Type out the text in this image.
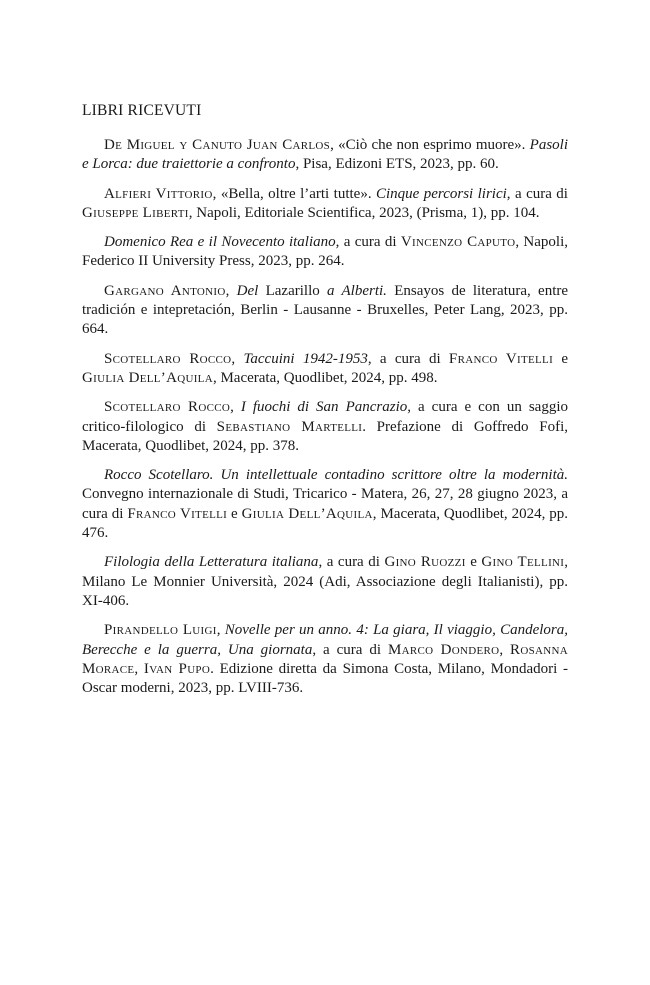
LIBRI RICEVUTI

De Miguel y Canuto Juan Carlos, «Ciò che non esprimo muore». Pasoli e Lorca: due traiettorie a confronto, Pisa, Edizoni ETS, 2023, pp. 60.

Alfieri Vittorio, «Bella, oltre l’arti tutte». Cinque percorsi lirici, a cura di Giuseppe Liberti, Napoli, Editoriale Scientifica, 2023, (Prisma, 1), pp. 104.

Domenico Rea e il Novecento italiano, a cura di Vincenzo Caputo, Napoli, Federico II University Press, 2023, pp. 264.

Gargano Antonio, Del Lazarillo a Alberti. Ensayos de literatura, entre tradición e intepretación, Berlin - Lausanne - Bruxelles, Peter Lang, 2023, pp. 664.

Scotellaro Rocco, Taccuini 1942-1953, a cura di Franco Vitelli e Giulia Dell’Aquila, Macerata, Quodlibet, 2024, pp. 498.

Scotellaro Rocco, I fuochi di San Pancrazio, a cura e con un saggio critico-filologico di Sebastiano Martelli. Prefazione di Goffredo Fofi, Macerata, Quodlibet, 2024, pp. 378.

Rocco Scotellaro. Un intellettuale contadino scrittore oltre la modernità. Convegno internazionale di Studi, Tricarico - Matera, 26, 27, 28 giugno 2023, a cura di Franco Vitelli e Giulia Dell’Aquila, Macerata, Quodlibet, 2024, pp. 476.

Filologia della Letteratura italiana, a cura di Gino Ruozzi e Gino Tellini, Milano Le Monnier Università, 2024 (Adi, Associazione degli Italianisti), pp. XI-406.

Pirandello Luigi, Novelle per un anno. 4: La giara, Il viaggio, Candelora, Berecche e la guerra, Una giornata, a cura di Marco Dondero, Rosanna Morace, Ivan Pupo. Edizione diretta da Simona Costa, Milano, Mondadori - Oscar moderni, 2023, pp. LVIII-736.
